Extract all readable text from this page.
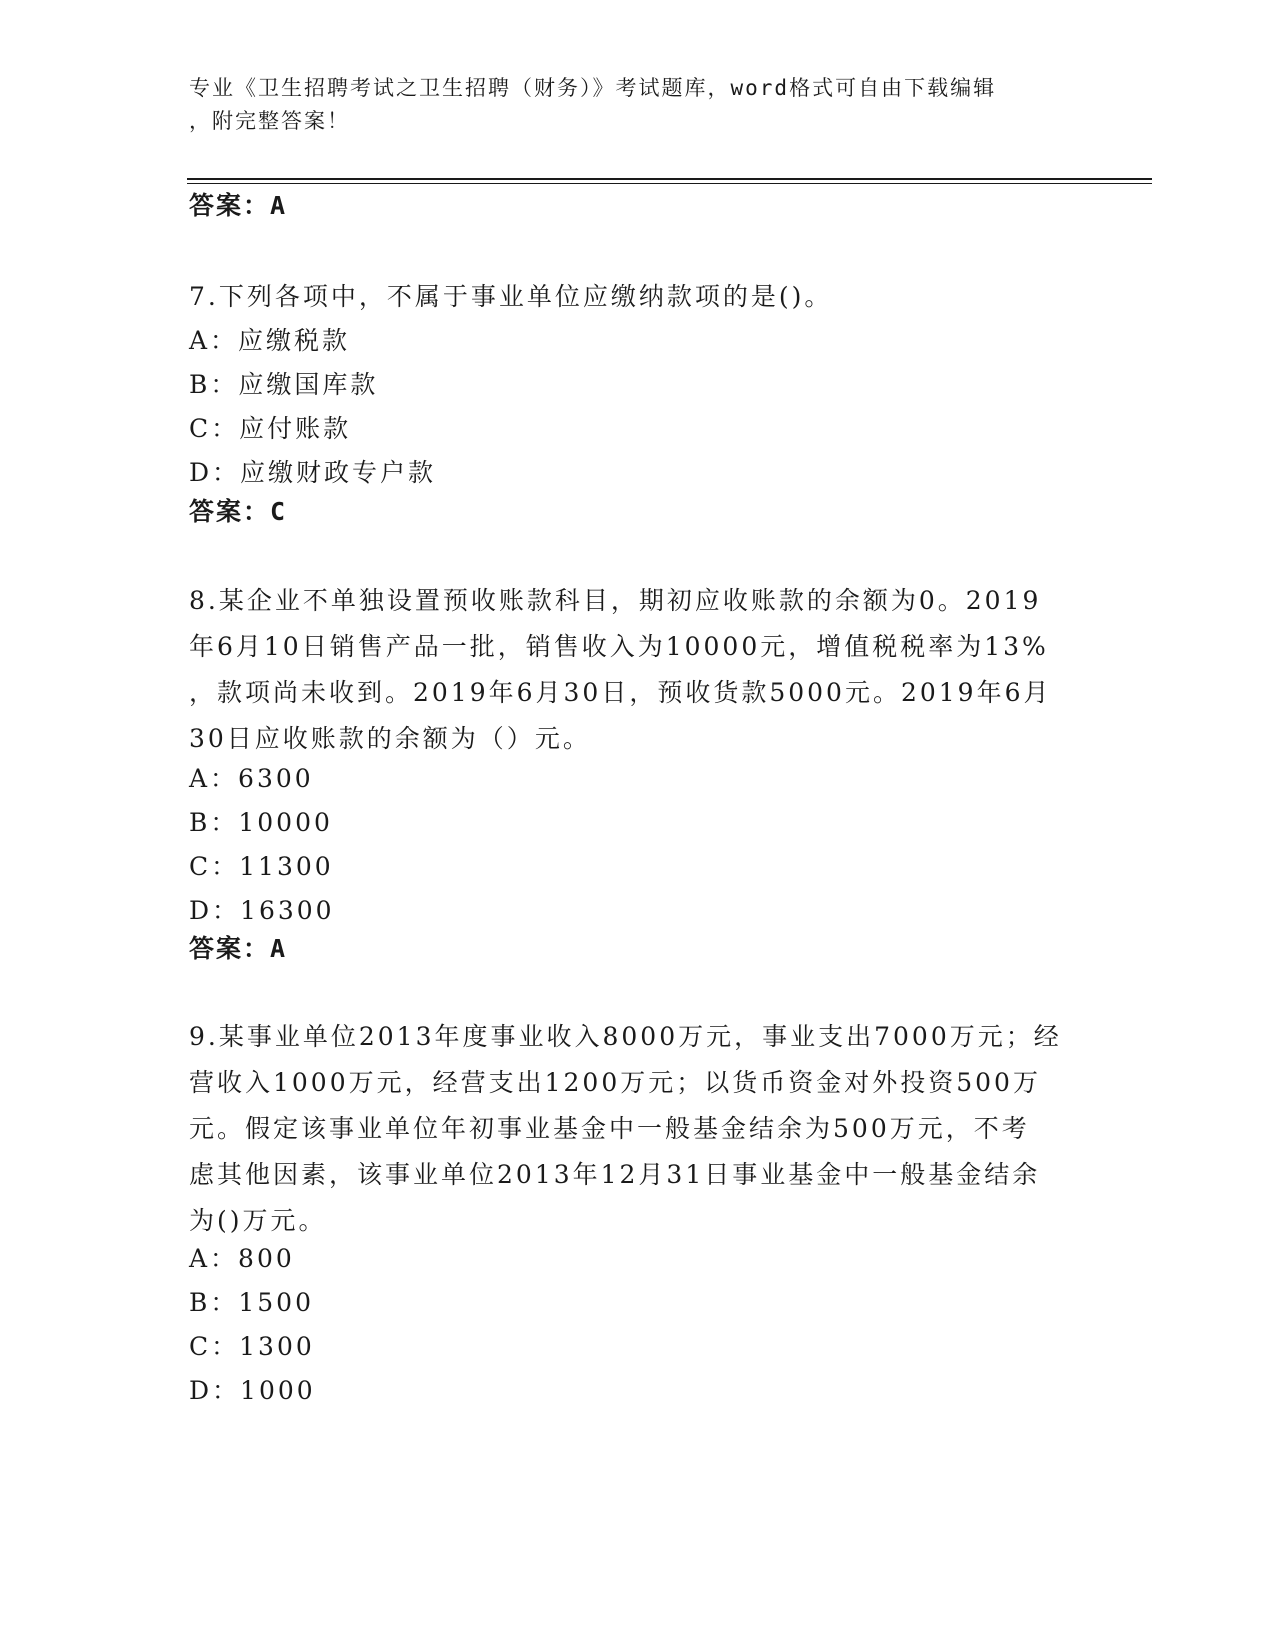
专业《卫生招聘考试之卫生招聘（财务）》考试题库，word格式可自由下载编辑
，附完整答案！
答案：A
7.下列各项中，不属于事业单位应缴纳款项的是()。
A：应缴税款
B：应缴国库款
C：应付账款
D：应缴财政专户款
答案：C
8.某企业不单独设置预收账款科目，期初应收账款的余额为0。2019
年6月10日销售产品一批，销售收入为10000元，增值税税率为13%
，款项尚未收到。2019年6月30日，预收货款5000元。2019年6月
30日应收账款的余额为（）元。
A：6300
B：10000
C：11300
D：16300
答案：A
9.某事业单位2013年度事业收入8000万元，事业支出7000万元；经
营收入1000万元，经营支出1200万元；以货币资金对外投资500万
元。假定该事业单位年初事业基金中一般基金结余为500万元，不考
虑其他因素，该事业单位2013年12月31日事业基金中一般基金结余
为()万元。
A：800
B：1500
C：1300
D：1000
